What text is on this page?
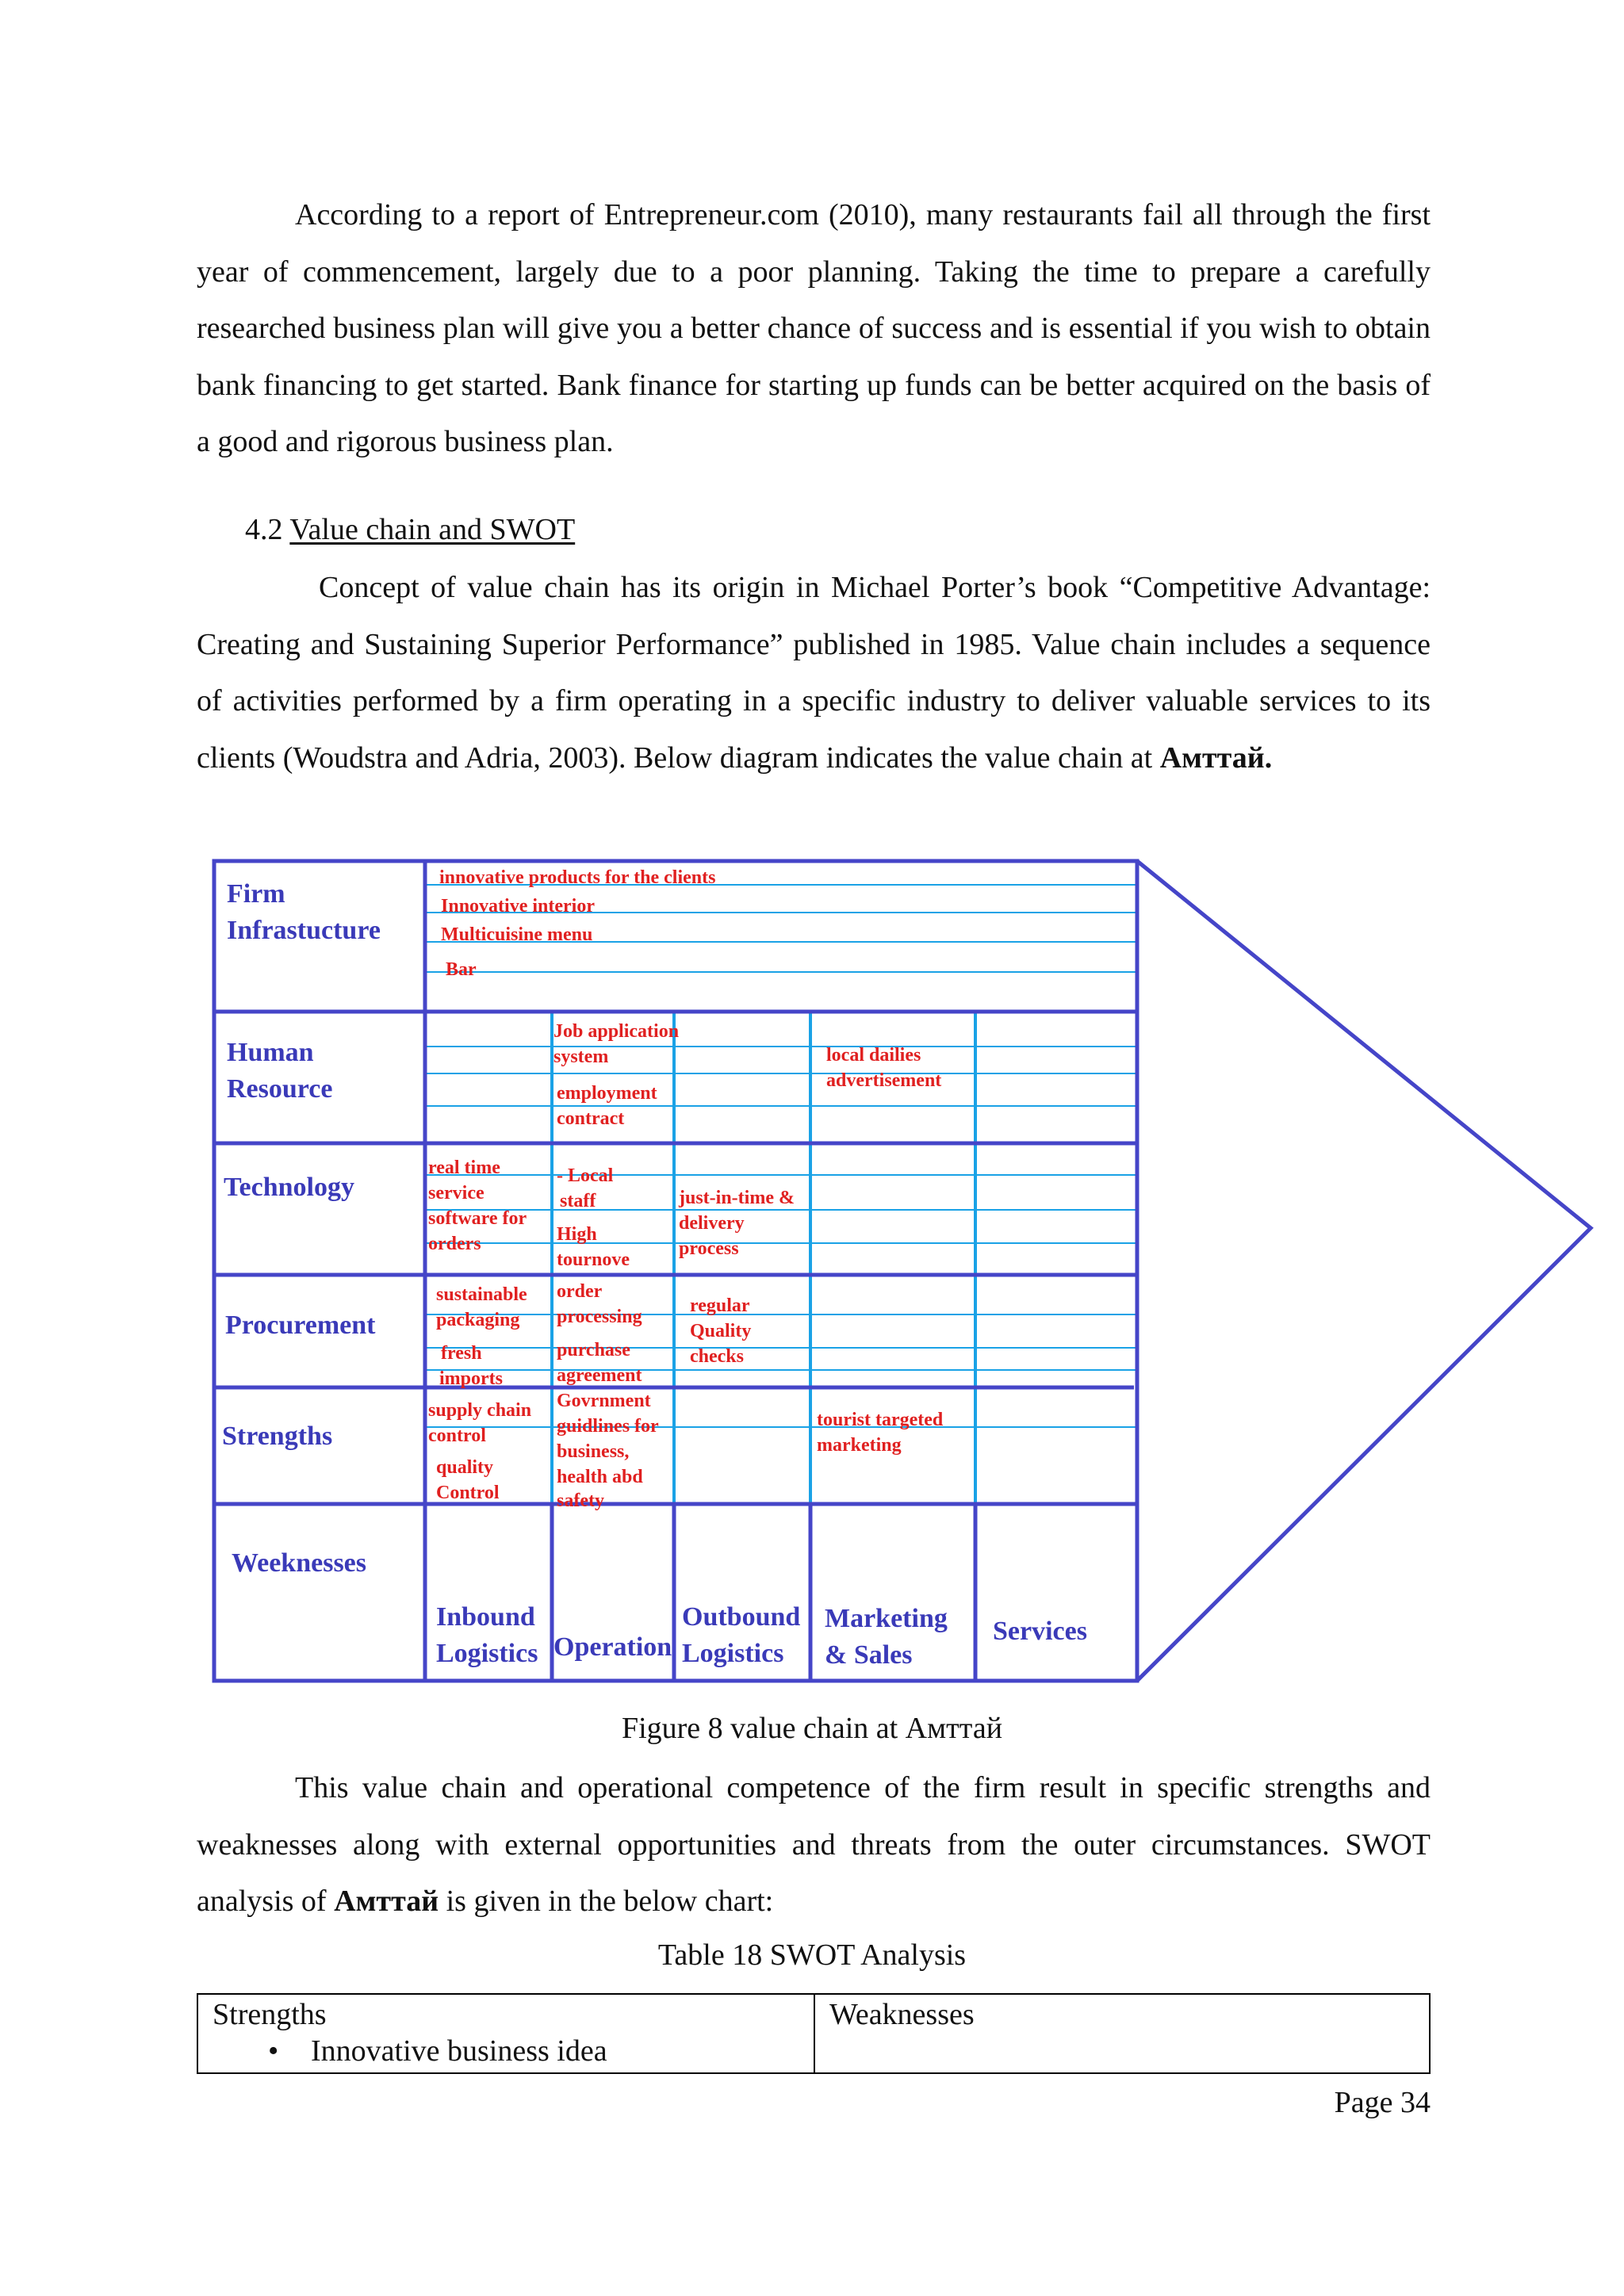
According to a report of Entrepreneur.com (2010), many restaurants fail all through the first year of commencement, largely due to a poor planning. Taking the time to prepare a carefully researched business plan will give you a better chance of success and is essential if you wish to obtain bank financing to get started. Bank finance for starting up funds can be better acquired on the basis of a good and rigorous business plan.

4.2 Value chain and SWOT

Concept of value chain has its origin in Michael Porter’s book “Competitive Advantage: Creating and Sustaining Superior Performance” published in 1985. Value chain includes a sequence of activities performed by a firm operating in a specific industry to deliver valuable services to its clients (Woudstra and Adria, 2003). Below diagram indicates the value chain at Амттай.

Firm
Infrastucture
Human
Resource
Technology
Procurement
Strengths
Weeknesses
Inbound
Logistics Operation
Outbound
Logistics
Marketing
& Sales
Services
innovative products for the clients
Innovative interior
Multicuisine menu
Bar
Job application
system
employment
contract
local dailies
advertisement
real time
service
software for
orders
- Local
staff
High
tournove
just-in-time &
delivery
process
sustainable
packaging
fresh
imports
order
processing
purchase
agreement
regular
Quality
checks
supply chain
control
quality
Control
Govrnment
guidlines for
business,
health abd
safety
tourist targeted
marketing

Figure 8 value chain at Амттай

This value chain and operational competence of the firm result in specific strengths and weaknesses along with external opportunities and threats from the outer circumstances. SWOT analysis of Амттай is given in the below chart:

Table 18 SWOT Analysis

Strengths
• Innovative business idea
Weaknesses

Page 34
